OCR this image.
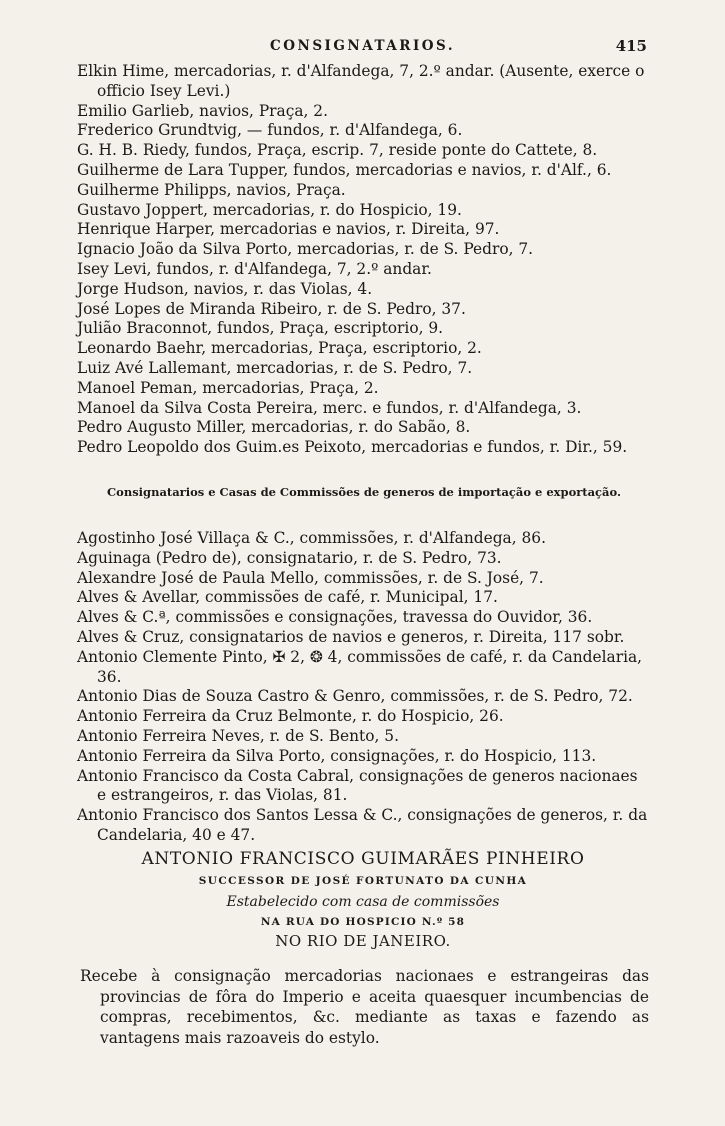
CONSIGNATARIOS.	415
Elkin Hime, mercadorias, r. d'Alfandega, 7, 2.º andar. (Ausente, exerce o officio Isey Levi.)
Emilio Garlieb, navios, Praça, 2.
Frederico Grundtvig, — fundos, r. d'Alfandega, 6.
G. H. B. Riedy, fundos, Praça, escrip. 7, reside ponte do Cattete, 8.
Guilherme de Lara Tupper, fundos, mercadorias e navios, r. d'Alf., 6.
Guilherme Philipps, navios, Praça.
Gustavo Joppert, mercadorias, r. do Hospicio, 19.
Henrique Harper, mercadorias e navios, r. Direita, 97.
Ignacio João da Silva Porto, mercadorias, r. de S. Pedro, 7.
Isey Levi, fundos, r. d'Alfandega, 7, 2.º andar.
Jorge Hudson, navios, r. das Violas, 4.
José Lopes de Miranda Ribeiro, r. de S. Pedro, 37.
Julião Braconnot, fundos, Praça, escriptorio, 9.
Leonardo Baehr, mercadorias, Praça, escriptorio, 2.
Luiz Avé Lallemant, mercadorias, r. de S. Pedro, 7.
Manoel Peman, mercadorias, Praça, 2.
Manoel da Silva Costa Pereira, merc. e fundos, r. d'Alfandega, 3.
Pedro Augusto Miller, mercadorias, r. do Sabão, 8.
Pedro Leopoldo dos Guim.es Peixoto, mercadorias e fundos, r. Dir., 59.
Consignatarios e Casas de Commissões de generos de importação e exportação.
Agostinho José Villaça & C., commissões, r. d'Alfandega, 86.
Aguinaga (Pedro de), consignatario, r. de S. Pedro, 73.
Alexandre José de Paula Mello, commissões, r. de S. José, 7.
Alves & Avellar, commissões de café, r. Municipal, 17.
Alves & C.ª, commissões e consignações, travessa do Ouvidor, 36.
Alves & Cruz, consignatarios de navios e generos, r. Direita, 117 sobr.
Antonio Clemente Pinto, ✠ 2, ❂ 4, commissões de café, r. da Candelaria, 36.
Antonio Dias de Souza Castro & Genro, commissões, r. de S. Pedro, 72.
Antonio Ferreira da Cruz Belmonte, r. do Hospicio, 26.
Antonio Ferreira Neves, r. de S. Bento, 5.
Antonio Ferreira da Silva Porto, consignações, r. do Hospicio, 113.
Antonio Francisco da Costa Cabral, consignações de generos nacionaes e estrangeiros, r. das Violas, 81.
Antonio Francisco dos Santos Lessa & C., consignações de generos, r. da Candelaria, 40 e 47.
ANTONIO FRANCISCO GUIMARÃES PINHEIRO
SUCCESSOR DE JOSÉ FORTUNATO DA CUNHA
Estabelecido com casa de commissões
NA RUA DO HOSPICIO N.º 58
NO RIO DE JANEIRO.
Recebe à consignação mercadorias nacionaes e estrangeiras das provincias de fôra do Imperio e aceita quaesquer incumbencias de compras, recebimentos, &c. mediante as taxas e fazendo as vantagens mais razoaveis do estylo.
